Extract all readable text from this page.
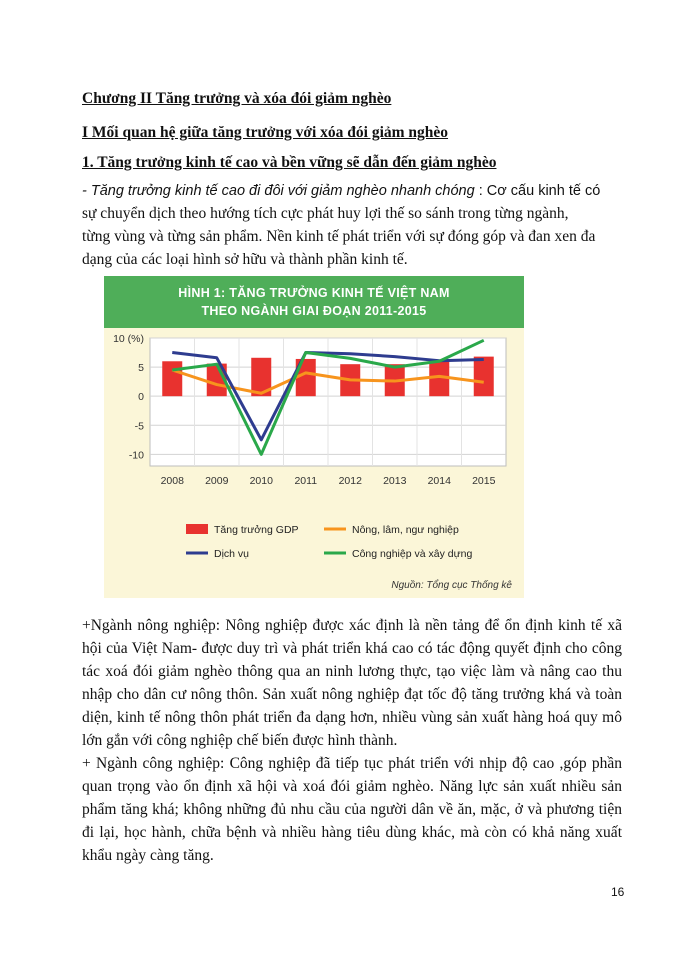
Chương II Tăng trưởng và xóa đói giảm nghèo
I Mối quan hệ giữa tăng trưởng với xóa đói giảm nghèo
1. Tăng trưởng kinh tế cao và bền vững sẽ dẫn đến giảm nghèo
- Tăng trưởng kinh tế cao đi đôi với giảm nghèo nhanh chóng : Cơ cấu kinh tế có
sự chuyển dịch theo hướng tích cực phát huy lợi thế so sánh trong từng ngành,
từng vùng và từng sản phẩm. Nền kinh tế phát triển với sự đóng góp và đan xen đa
dạng của các loại hình sở hữu và thành phần kinh tế.
HÌNH 1: TĂNG TRƯỞNG KINH TẾ VIỆT NAM
THEO NGÀNH GIAI ĐOẠN 2011-2015
10 (%)
5
0
-5
-10
2008 2009 2010 2011 2012 2013 2014 2015
Tăng trưởng GDP	Nông, lâm, ngư nghiệp
Dịch vụ	Công nghiệp và xây dựng
Nguồn: Tổng cục Thống kê
+Ngành nông nghiệp: Nông nghiệp được xác định là nền tảng để ổn định kinh tế xã hội của Việt Nam- được duy trì và phát triển khá cao có tác động quyết định cho công tác xoá đói giảm nghèo thông qua an ninh lương thực, tạo việc làm và nâng cao thu nhập cho dân cư nông thôn. Sản xuất nông nghiệp đạt tốc độ tăng trưởng khá và toàn diện, kinh tế nông thôn phát triển đa dạng hơn, nhiều vùng sản xuất hàng hoá quy mô lớn gắn với công nghiệp chế biến được hình thành.
+ Ngành công nghiệp: Công nghiệp đã tiếp tục phát triển với nhịp độ cao ,góp phần quan trọng vào ổn định xã hội và xoá đói giảm nghèo. Năng lực sản xuất nhiều sản phẩm tăng khá; không những đủ nhu cầu của người dân về ăn, mặc, ở và phương tiện đi lại, học hành, chữa bệnh và nhiều hàng tiêu dùng khác, mà còn có khả năng xuất khẩu ngày càng tăng.
16
